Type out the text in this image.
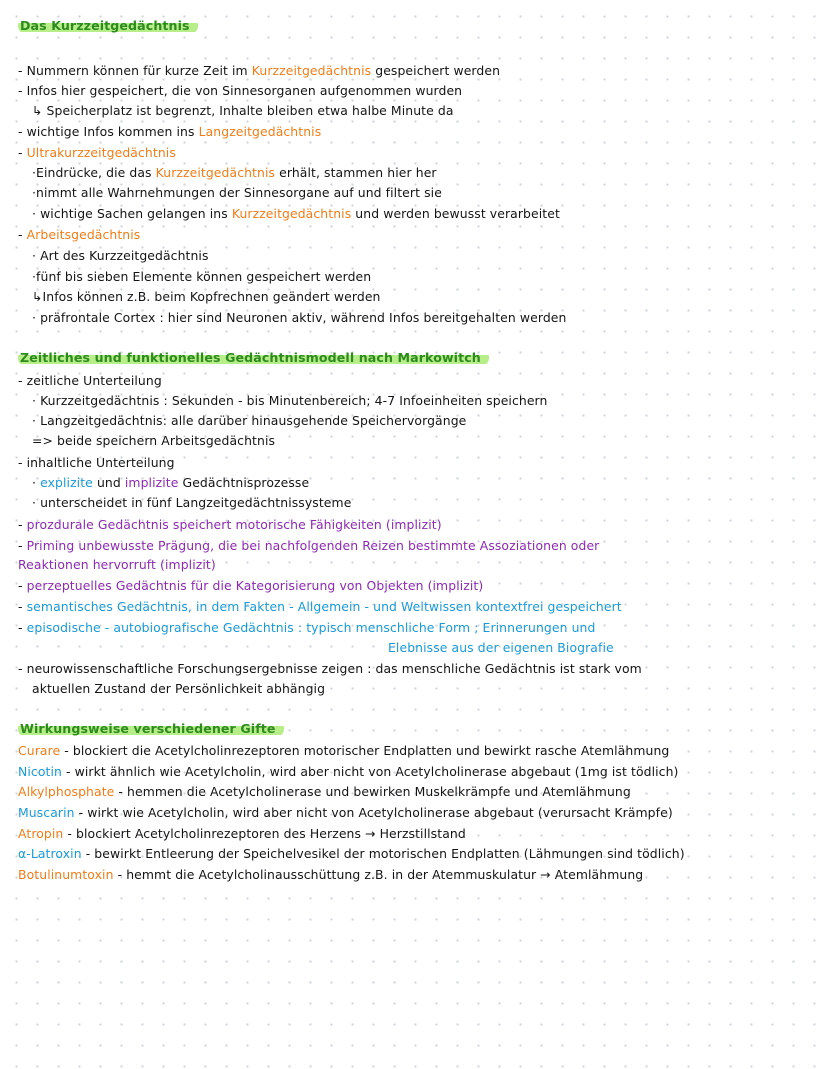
Das Kurzzeitgedächtnis
- Nummern können für kurze Zeit im Kurzzeitgedächtnis gespeichert werden
- Infos hier gespeichert, die von Sinnesorganen aufgenommen wurden
↳ Speicherplatz ist begrenzt, Inhalte bleiben etwa halbe Minute da
- wichtige Infos kommen ins Langzeitgedächtnis
- Ultrakurzzeitgedächtnis
·Eindrücke, die das Kurzzeitgedächtnis erhält, stammen hier her
·nimmt alle Wahrnehmungen der Sinnesorgane auf und filtert sie
· wichtige Sachen gelangen ins Kurzzeitgedächtnis und werden bewusst verarbeitet
- Arbeitsgedächtnis
· Art des Kurzzeitgedächtnis
·fünf bis sieben Elemente können gespeichert werden
↳Infos können z.B. beim Kopfrechnen geändert werden
· präfrontale Cortex : hier sind Neuronen aktiv, während Infos bereitgehalten werden
Zeitliches und funktionelles Gedächtnismodell nach Markowitch
- zeitliche Unterteilung
· Kurzzeitgedächtnis : Sekunden - bis Minutenbereich; 4-7 Infoeinheiten speichern
· Langzeitgedächtnis: alle darüber hinausgehende Speichervorgänge
=> beide speichern Arbeitsgedächtnis
- inhaltliche Unterteilung
· explizite und implizite Gedächtnisprozesse
· unterscheidet in fünf Langzeitgedächtnissysteme
- prozdurale Gedächtnis speichert motorische Fähigkeiten (implizit)
- Priming unbewusste Prägung, die bei nachfolgenden Reizen bestimmte Assoziationen oder
Reaktionen hervorruft (implizit)
- perzeptuelles Gedächtnis für die Kategorisierung von Objekten (implizit)
- semantisches Gedächtnis, in dem Fakten - Allgemein - und Weltwissen kontextfrei gespeichert
- episodische - autobiografische Gedächtnis : typisch menschliche Form ; Erinnerungen und
Elebnisse aus der eigenen Biografie
- neurowissenschaftliche Forschungsergebnisse zeigen : das menschliche Gedächtnis ist stark vom
aktuellen Zustand der Persönlichkeit abhängig
Wirkungsweise verschiedener Gifte
Curare - blockiert die Acetylcholinrezeptoren motorischer Endplatten und bewirkt rasche Atemlähmung
Nicotin - wirkt ähnlich wie Acetylcholin, wird aber nicht von Acetylcholinerase abgebaut (1mg ist tödlich)
Alkylphosphate - hemmen die Acetylcholinerase und bewirken Muskelkrämpfe und Atemlähmung
Muscarin - wirkt wie Acetylcholin, wird aber nicht von Acetylcholinerase abgebaut (verursacht Krämpfe)
Atropin - blockiert Acetylcholinrezeptoren des Herzens → Herzstillstand
α-Latroxin - bewirkt Entleerung der Speichelvesikel der motorischen Endplatten (Lähmungen sind tödlich)
Botulinumtoxin - hemmt die Acetylcholinausschüttung z.B. in der Atemmuskulatur → Atemlähmung
